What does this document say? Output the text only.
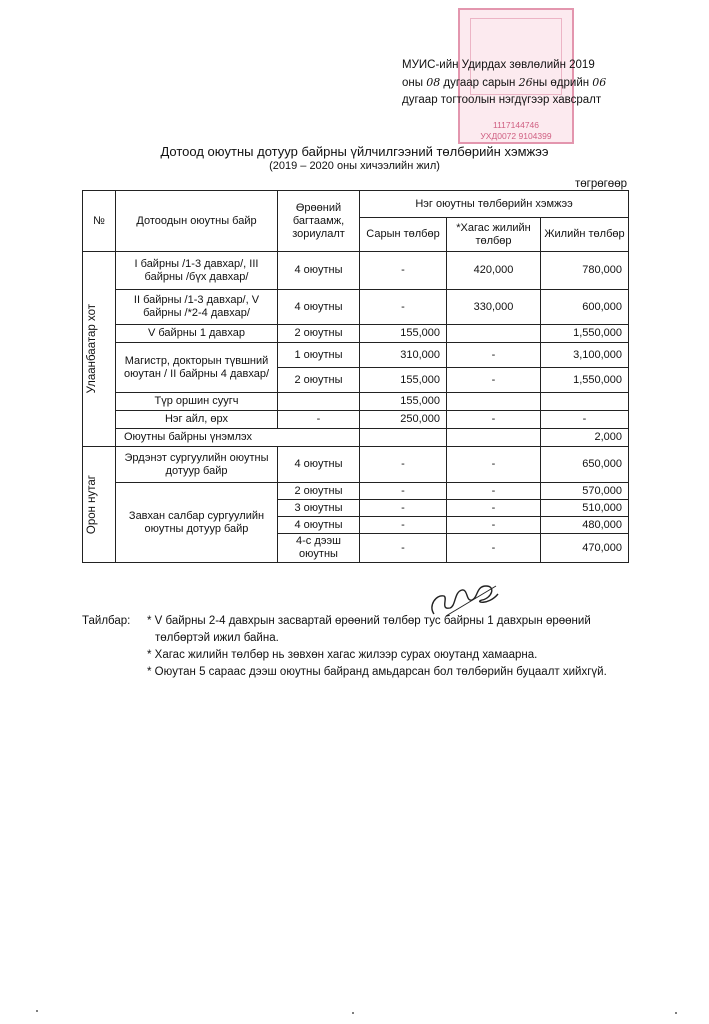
1117144746
УХД0072 9104399
МУИС-ийн Удирдах зөвлөлийн 2019
оны 08 дугаар сарын 26ны өдрийн 06
дугаар тогтоолын нэгдүгээр хавсралт
Дотоод оюутны дотуур байрны үйлчилгээний төлбөрийн хэмжээ
(2019 – 2020 оны хичээлийн жил)
төгрөгөөр
№	Дотоодын оюутны байр	Өрөөний багтаамж, зориулалт	Нэг оюутны төлбөрийн хэмжээ		
			Сарын төлбөр	*Хагас жилийн төлбөр	Жилийн төлбөр

Улаанбаатар хот	I байрны /1-3 давхар/, III байрны /бүх давхар/	4 оюутны	-	420,000	780,000
	II байрны /1-3 давхар/, V байрны /*2-4 давхар/	4 оюутны	-	330,000	600,000
	V байрны 1 давхар	2 оюутны	155,000		1,550,000
	Магистр, докторын түвшний оюутан / II байрны 4 давхар/	1 оюутны	310,000	-	3,100,000
		2 оюутны	155,000	-	1,550,000
	Түр оршин суугч		155,000		
	Нэг айл, өрх	-	250,000	-	-
	Оюутны байрны үнэмлэх				2,000

Орон нутаг	Эрдэнэт сургуулийн оюутны дотуур байр	4 оюутны	-	-	650,000
	Завхан салбар сургуулийн оюутны дотуур байр	2 оюутны	-	-	570,000
		3 оюутны	-	-	510,000
		4 оюутны	-	-	480,000
		4-с дээш оюутны	-	-	470,000
Тайлбар:	* V байрны 2-4 давхрын засвартай өрөөний төлбөр тус байрны 1 давхрын өрөөний
төлбөртэй ижил байна.
* Хагас жилийн төлбөр нь зөвхөн хагас жилээр сурах оюутанд хамаарна.
* Оюутан 5 сараас дээш оюутны байранд амьдарсан бол төлбөрийн буцаалт хийхгүй.
